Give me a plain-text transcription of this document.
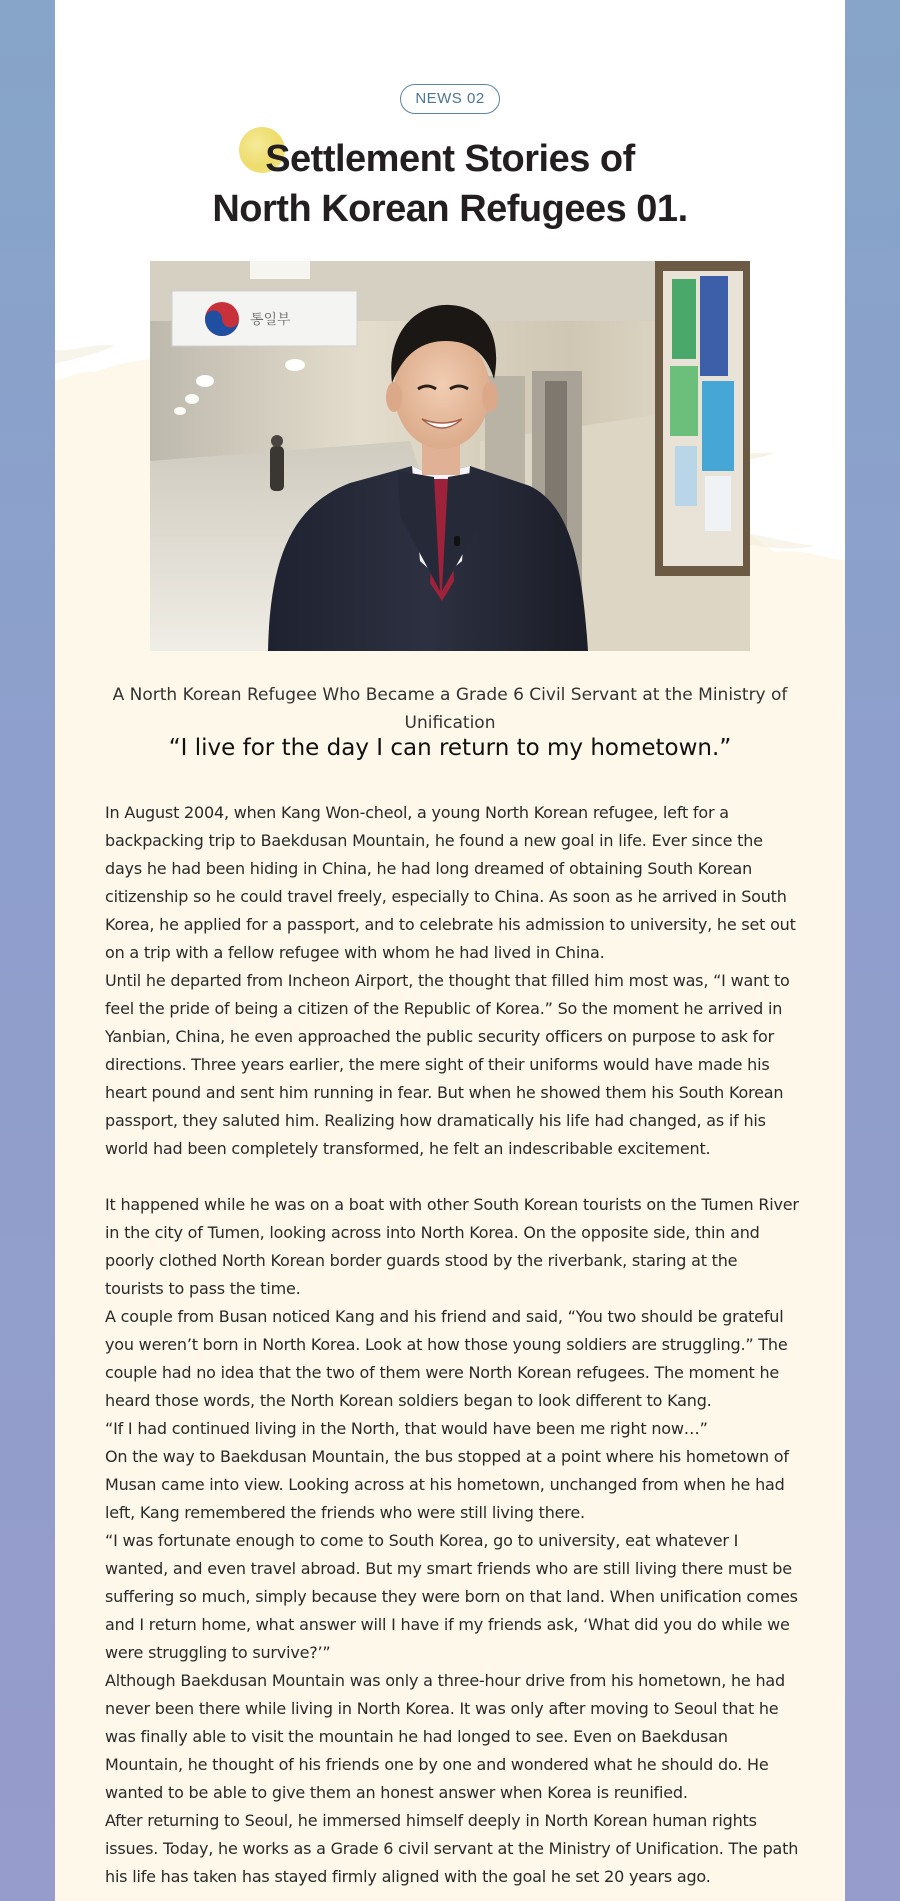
NEWS 02
Settlement Stories of
North Korean Refugees 01.
통일부

A North Korean Refugee Who Became a Grade 6 Civil Servant at the Ministry of Unification

“I live for the day I can return to my hometown.”

In August 2004, when Kang Won-cheol, a young North Korean refugee, left for a backpacking trip to Baekdusan Mountain, he found a new goal in life. Ever since the days he had been hiding in China, he had long dreamed of obtaining South Korean citizenship so he could travel freely, especially to China. As soon as he arrived in South Korea, he applied for a passport, and to celebrate his admission to university, he set out on a trip with a fellow refugee with whom he had lived in China.

Until he departed from Incheon Airport, the thought that filled him most was, “I want to feel the pride of being a citizen of the Republic of Korea.” So the moment he arrived in Yanbian, China, he even approached the public security officers on purpose to ask for directions. Three years earlier, the mere sight of their uniforms would have made his heart pound and sent him running in fear. But when he showed them his South Korean passport, they saluted him. Realizing how dramatically his life had changed, as if his world had been completely transformed, he felt an indescribable excitement.

It happened while he was on a boat with other South Korean tourists on the Tumen River in the city of Tumen, looking across into North Korea. On the opposite side, thin and poorly clothed North Korean border guards stood by the riverbank, staring at the tourists to pass the time.

A couple from Busan noticed Kang and his friend and said, “You two should be grateful you weren’t born in North Korea. Look at how those young soldiers are struggling.” The couple had no idea that the two of them were North Korean refugees. The moment he heard those words, the North Korean soldiers began to look different to Kang.

“If I had continued living in the North, that would have been me right now…”

On the way to Baekdusan Mountain, the bus stopped at a point where his hometown of Musan came into view. Looking across at his hometown, unchanged from when he had left, Kang remembered the friends who were still living there.

“I was fortunate enough to come to South Korea, go to university, eat whatever I wanted, and even travel abroad. But my smart friends who are still living there must be suffering so much, simply because they were born on that land. When unification comes and I return home, what answer will I have if my friends ask, ‘What did you do while we were struggling to survive?’”

Although Baekdusan Mountain was only a three-hour drive from his hometown, he had never been there while living in North Korea. It was only after moving to Seoul that he was finally able to visit the mountain he had longed to see. Even on Baekdusan Mountain, he thought of his friends one by one and wondered what he should do. He wanted to be able to give them an honest answer when Korea is reunified.

After returning to Seoul, he immersed himself deeply in North Korean human rights issues. Today, he works as a Grade 6 civil servant at the Ministry of Unification. The path his life has taken has stayed firmly aligned with the goal he set 20 years ago.
